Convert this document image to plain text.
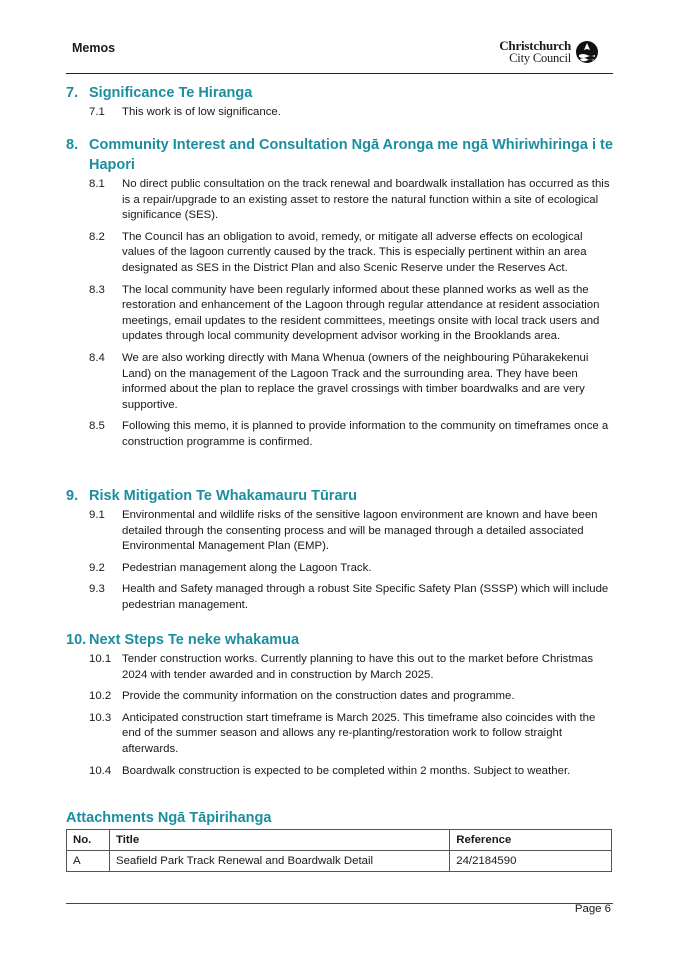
Memos	Christchurch
City Council
7. Significance Te Hiranga
7.1	This work is of low significance.
8. Community Interest and Consultation Ngā Aronga me ngā Whiriwhiringa i te Hapori
8.1	No direct public consultation on the track renewal and boardwalk installation has occurred as this is a repair/upgrade to an existing asset to restore the natural function within a site of ecological significance (SES).
8.2	The Council has an obligation to avoid, remedy, or mitigate all adverse effects on ecological values of the lagoon currently caused by the track. This is especially pertinent within an area designated as SES in the District Plan and also Scenic Reserve under the Reserves Act.
8.3	The local community have been regularly informed about these planned works as well as the restoration and enhancement of the Lagoon through regular attendance at resident association meetings, email updates to the resident committees, meetings onsite with local track users and updates through local community development advisor working in the Brooklands area.
8.4	We are also working directly with Mana Whenua (owners of the neighbouring Pūharakekenui Land) on the management of the Lagoon Track and the surrounding area. They have been informed about the plan to replace the gravel crossings with timber boardwalks and are very supportive.
8.5	Following this memo, it is planned to provide information to the community on timeframes once a construction programme is confirmed.
9. Risk Mitigation Te Whakamauru Tūraru
9.1	Environmental and wildlife risks of the sensitive lagoon environment are known and have been detailed through the consenting process and will be managed through a detailed associated Environmental Management Plan (EMP).
9.2	Pedestrian management along the Lagoon Track.
9.3	Health and Safety managed through a robust Site Specific Safety Plan (SSSP) which will include pedestrian management.
10. Next Steps Te neke whakamua
10.1 Tender construction works. Currently planning to have this out to the market before Christmas 2024 with tender awarded and in construction by March 2025.
10.2 Provide the community information on the construction dates and programme.
10.3 Anticipated construction start timeframe is March 2025. This timeframe also coincides with the end of the summer season and allows any re-planting/restoration work to follow straight afterwards.
10.4 Boardwalk construction is expected to be completed within 2 months. Subject to weather.
Attachments Ngā Tāpirihanga
No.	Title	Reference
A	Seafield Park Track Renewal and Boardwalk Detail	24/2184590
Page 6
